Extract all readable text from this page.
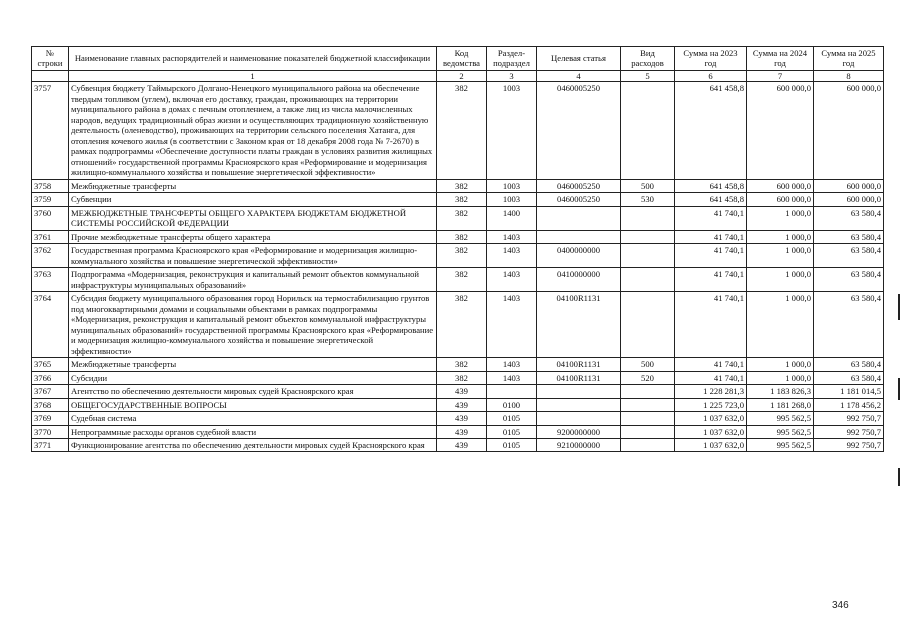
№ строки	Наименование главных распорядителей и наименование показателей бюджетной классификации	Код ведомства	Раздел-подраздел	Целевая статья	Вид расходов	Сумма на 2023 год	Сумма на 2024 год	Сумма на 2025 год
	1	2	3	4	5	6	7	8
3757	Субвенция бюджету Таймырского Долгано-Ненецкого муниципального района на обеспечение твердым топливом (углем), включая его доставку, граждан, проживающих на территории муниципального района в домах с печным отоплением, а также лиц из числа малочисленных народов, ведущих традиционный образ жизни и осуществляющих традиционную хозяйственную деятельность (оленеводство), проживающих на территории сельского поселения Хатанга, для отопления кочевого жилья (в соответствии с Законом края от 18 декабря 2008 года № 7-2670) в рамках подпрограммы «Обеспечение доступности платы граждан в условиях развития жилищных отношений» государственной программы Красноярского края «Реформирование и модернизация жилищно-коммунального хозяйства и повышение энергетической эффективности»	382	1003	0460005250		641 458,8	600 000,0	600 000,0
3758	Межбюджетные трансферты	382	1003	0460005250	500	641 458,8	600 000,0	600 000,0
3759	Субвенции	382	1003	0460005250	530	641 458,8	600 000,0	600 000,0
3760	МЕЖБЮДЖЕТНЫЕ ТРАНСФЕРТЫ ОБЩЕГО ХАРАКТЕРА БЮДЖЕТАМ БЮДЖЕТНОЙ СИСТЕМЫ РОССИЙСКОЙ ФЕДЕРАЦИИ	382	1400			41 740,1	1 000,0	63 580,4
3761	Прочие межбюджетные трансферты общего характера	382	1403			41 740,1	1 000,0	63 580,4
3762	Государственная программа Красноярского края «Реформирование и модернизация жилищно-коммунального хозяйства и повышение энергетической эффективности»	382	1403	0400000000		41 740,1	1 000,0	63 580,4
3763	Подпрограмма «Модернизация, реконструкция и капитальный ремонт объектов коммунальной инфраструктуры муниципальных образований»	382	1403	0410000000		41 740,1	1 000,0	63 580,4
3764	Субсидия бюджету муниципального образования город Норильск на термостабилизацию грунтов под многоквартирными домами и социальными объектами в рамках подпрограммы «Модернизация, реконструкция и капитальный ремонт объектов коммунальной инфраструктуры муниципальных образований» государственной программы Красноярского края «Реформирование и модернизация жилищно-коммунального хозяйства и повышение энергетической эффективности»	382	1403	04100R1131		41 740,1	1 000,0	63 580,4
3765	Межбюджетные трансферты	382	1403	04100R1131	500	41 740,1	1 000,0	63 580,4
3766	Субсидии	382	1403	04100R1131	520	41 740,1	1 000,0	63 580,4
3767	Агентство по обеспечению деятельности мировых судей Красноярского края	439				1 228 281,3	1 183 826,3	1 181 014,5
3768	ОБЩЕГОСУДАРСТВЕННЫЕ ВОПРОСЫ	439	0100			1 225 723,0	1 181 268,0	1 178 456,2
3769	Судебная система	439	0105			1 037 632,0	995 562,5	992 750,7
3770	Непрограммные расходы органов судебной власти	439	0105	9200000000		1 037 632,0	995 562,5	992 750,7
3771	Функционирование агентства по обеспечению деятельности мировых судей Красноярского края	439	0105	9210000000		1 037 632,0	995 562,5	992 750,7
346
